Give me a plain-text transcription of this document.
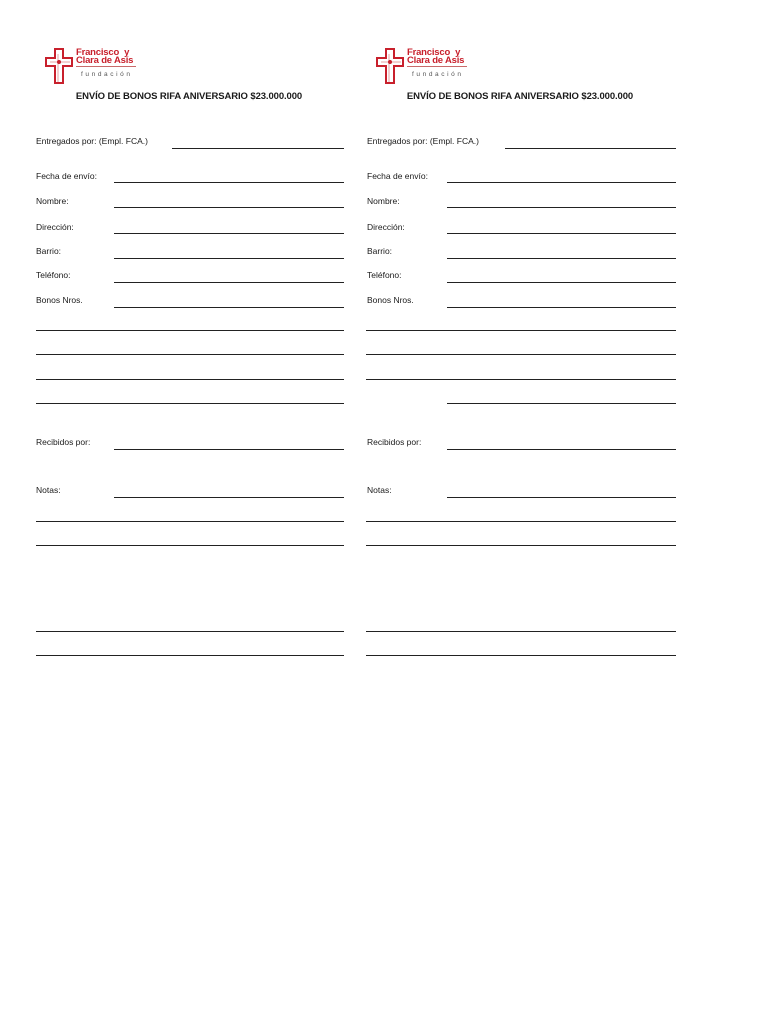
Francisco y
Clara de Asís
fundación
ENVÍO DE BONOS RIFA ANIVERSARIO $23.000.000
Entregados por: (Empl. FCA.)
Fecha de envío:
Nombre:
Dirección:
Barrio:
Teléfono:
Bonos Nros.
Recibidos por:
Notas:
Francisco y
Clara de Asís
fundación
ENVÍO DE BONOS RIFA ANIVERSARIO $23.000.000
Entregados por: (Empl. FCA.)
Fecha de envío:
Nombre:
Dirección:
Barrio:
Teléfono:
Bonos Nros.
Recibidos por:
Notas:
